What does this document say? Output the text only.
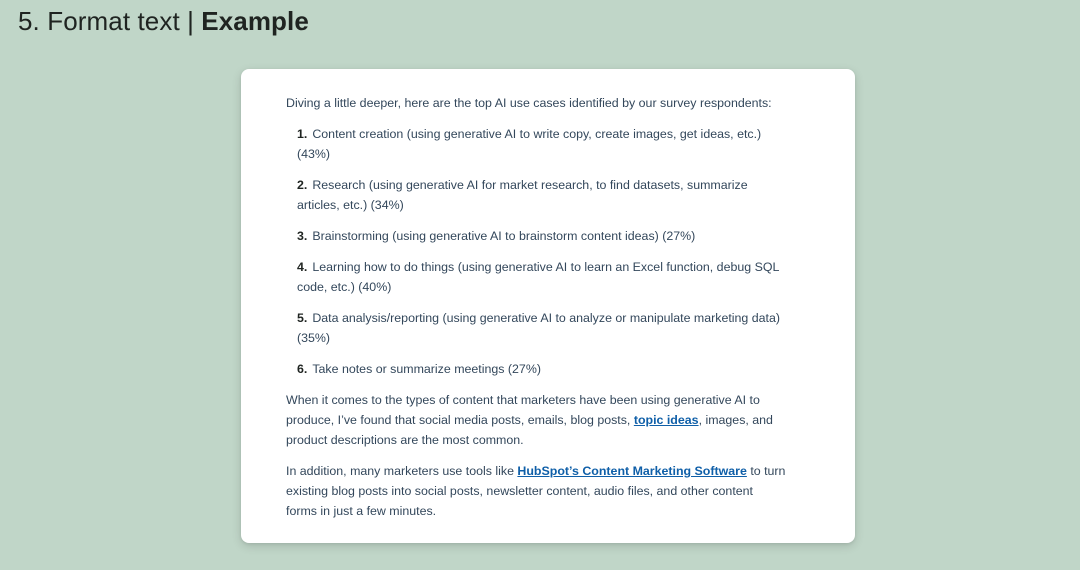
5. Format text | Example

Diving a little deeper, here are the top AI use cases identified by our survey respondents:

1. Content creation (using generative AI to write copy, create images, get ideas, etc.) (43%)
2. Research (using generative AI for market research, to find datasets, summarize articles, etc.) (34%)
3. Brainstorming (using generative AI to brainstorm content ideas) (27%)
4. Learning how to do things (using generative AI to learn an Excel function, debug SQL code, etc.) (40%)
5. Data analysis/reporting (using generative AI to analyze or manipulate marketing data) (35%)
6. Take notes or summarize meetings (27%)

When it comes to the types of content that marketers have been using generative AI to produce, I’ve found that social media posts, emails, blog posts, topic ideas, images, and product descriptions are the most common.

In addition, many marketers use tools like HubSpot’s Content Marketing Software to turn existing blog posts into social posts, newsletter content, audio files, and other content forms in just a few minutes.
